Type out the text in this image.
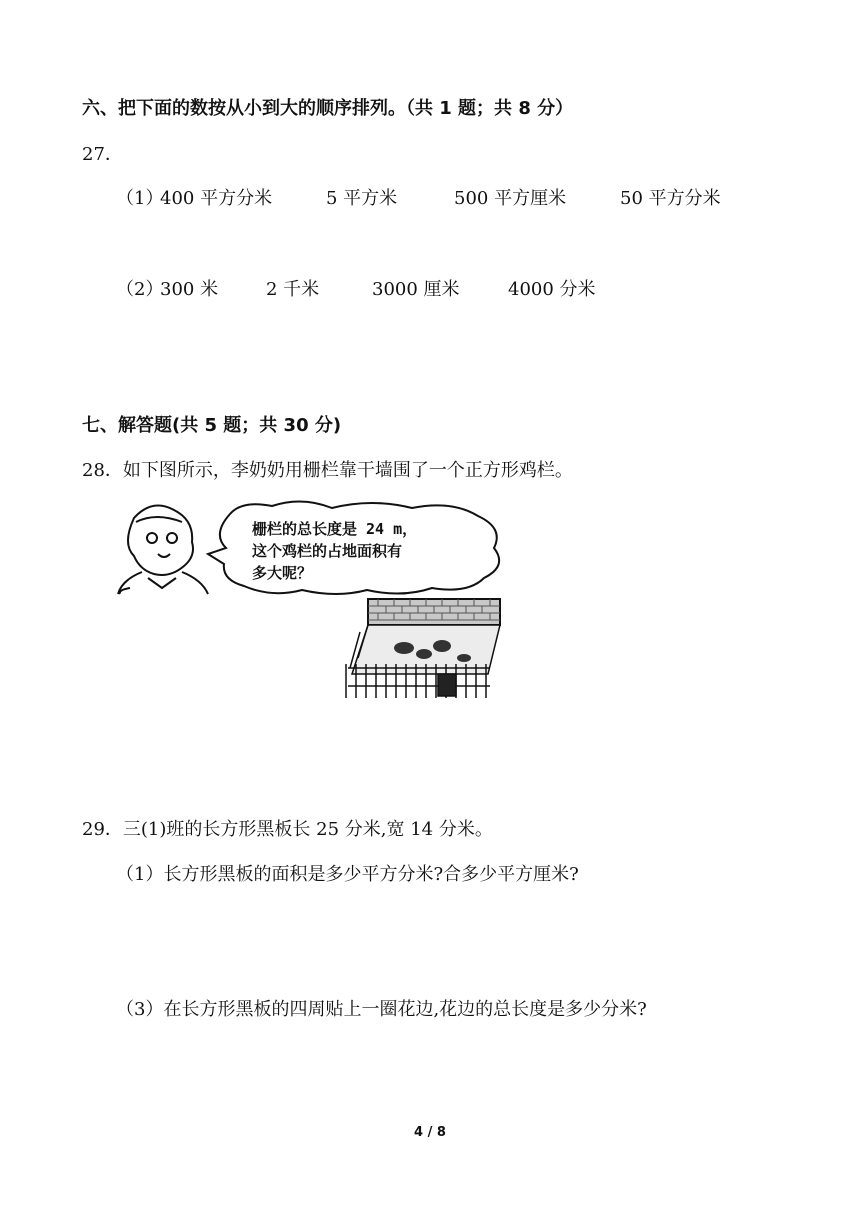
六、把下面的数按从小到大的顺序排列。（共 1 题；共 8 分）
27．
（1）
400 平方分米	5 平方米	500 平方厘米	50 平方分米
（2）
300 米	2 千米	3000 厘米	4000 分米
七、解答题(共 5 题；共 30 分)
28．如下图所示，李奶奶用栅栏靠干墙围了一个正方形鸡栏。
栅栏的总长度是 24 m，
这个鸡栏的占地面积有
多大呢？
29．三(1)班的长方形黑板长 25 分米,宽 14 分米。
（1）长方形黑板的面积是多少平方分米?合多少平方厘米?
（3）在长方形黑板的四周贴上一圈花边,花边的总长度是多少分米?
4 / 8
